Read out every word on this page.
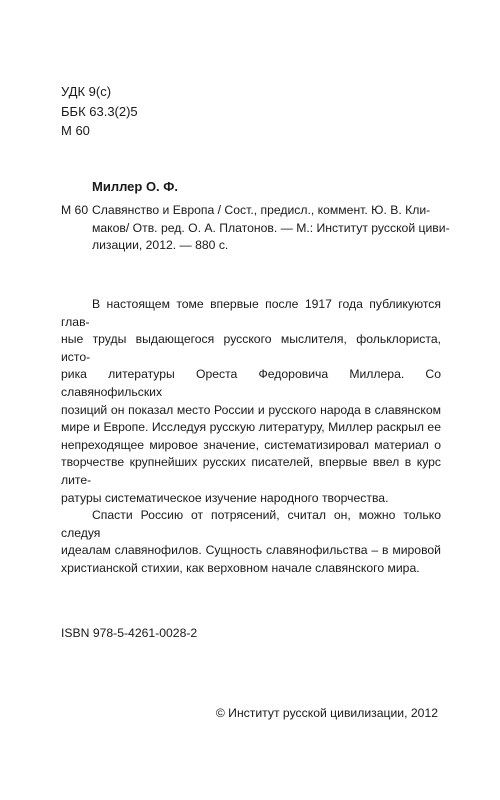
УДК 9(с)
ББК 63.3(2)5
М 60
Миллер О. Ф.
М 60 Славянство и Европа / Сост., предисл., коммент. Ю. В. Кли-
маков/ Отв. ред. О. А. Платонов. — М.: Институт русской циви-
лизации, 2012. — 880 с.
В настоящем томе впервые после 1917 года публикуются глав-
ные труды выдающегося русского мыслителя, фольклориста, исто-
рика литературы Ореста Федоровича Миллера. Со славянофильских
позиций он показал место России и русского народа в славянском
мире и Европе. Исследуя русскую литературу, Миллер раскрыл ее
непреходящее мировое значение, систематизировал материал о
творчестве крупнейших русских писателей, впервые ввел в курс лите-
ратуры систематическое изучение народного творчества.
Спасти Россию от потрясений, считал он, можно только следуя
идеалам славянофилов. Сущность славянофильства – в мировой
христианской стихии, как верховном начале славянского мира.
ISBN 978-5-4261-0028-2
© Институт русской цивилизации, 2012
